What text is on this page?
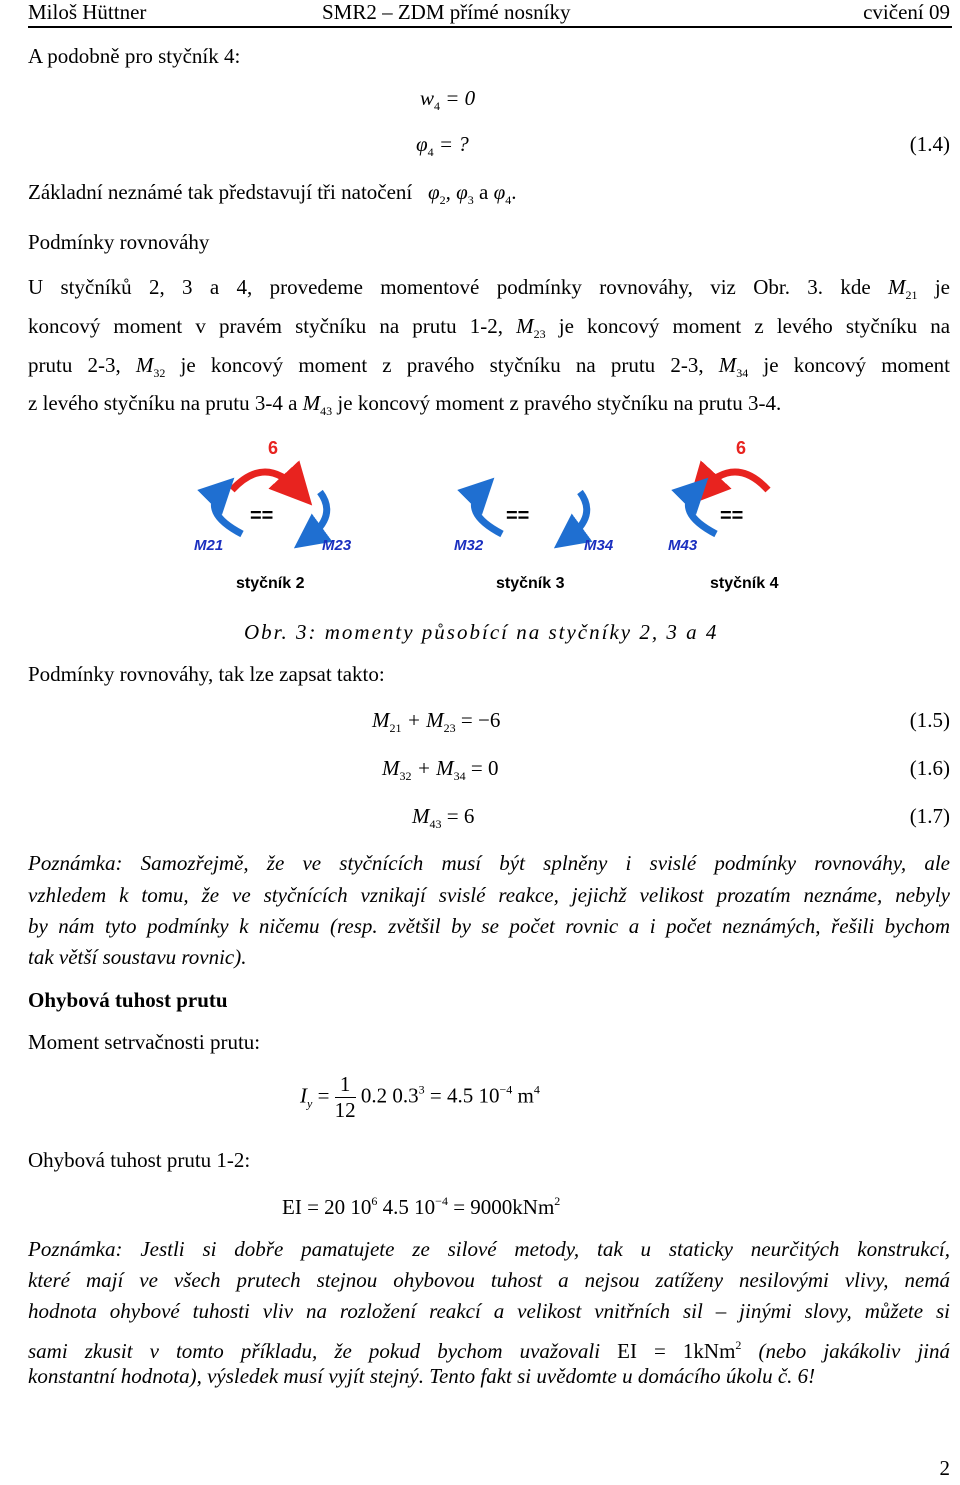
Miloš Hüttner	SMR2 – ZDM přímé nosníky	cvičení 09
A podobně pro styčník 4:
$w_4 = 0$
$\varphi_4$ = ?	(1.4)
Základní neznámé tak představují tři natočení   $\varphi_2$, $\varphi_3$ a $\varphi_4$.
Podmínky rovnováhy
U styčníků 2, 3 a 4, provedeme momentové podmínky rovnováhy, viz Obr. 3. kde $M_{21}$ je
koncový moment v pravém styčníku na prutu 1-2, $M_{23}$ je koncový moment z levého styčníku na
prutu 2-3, $M_{32}$ je koncový moment z pravého styčníku na prutu 2-3, $M_{34}$ je koncový moment
z levého styčníku na prutu 3-4 a $M_{43}$ je koncový moment z pravého styčníku na prutu 3-4.
6
==
M21	M23
styčník 2
==
M32	M34
styčník 3
6
==
M43
styčník 4
Obr. 3: momenty působící na styčníky 2, 3 a 4
Podmínky rovnováhy, tak lze zapsat takto:
$M_{21} + M_{23} = -6$	(1.5)
$M_{32} + M_{34} = 0$	(1.6)
$M_{43} = 6$	(1.7)
Poznámka: Samozřejmě, že ve styčnících musí být splněny i svislé podmínky rovnováhy, ale
vzhledem k tomu, že ve styčnících vznikají svislé reakce, jejichž velikost prozatím neznáme, nebyly
by nám tyto podmínky k ničemu (resp. zvětšil by se počet rovnic a i počet neznámých, řešili bychom
tak větší soustavu rovnic).
Ohybová tuhost prutu
Moment setrvačnosti prutu:
$I_y = \frac{1}{12} 0.2$ $0.3^3 = 4.5$ $10^{-4}$ $m^4$
Ohybová tuhost prutu 1-2:
EI = 20 $10^6$ 4.5 $10^{-4} = 9000kNm^2$
Poznámka: Jestli si dobře pamatujete ze silové metody, tak u staticky neurčitých konstrukcí,
které mají ve všech prutech stejnou ohybovou tuhost a nejsou zatíženy nesilovými vlivy, nemá
hodnota ohybové tuhosti vliv na rozložení reakcí a velikost vnitřních sil – jinými slovy, můžete si
sami zkusit v tomto příkladu, že pokud bychom uvažovali EI = 1kNm$^2$ (nebo jakákoliv jiná
konstantní hodnota), výsledek musí vyjít stejný. Tento fakt si uvědomte u domácího úkolu č. 6!
2
